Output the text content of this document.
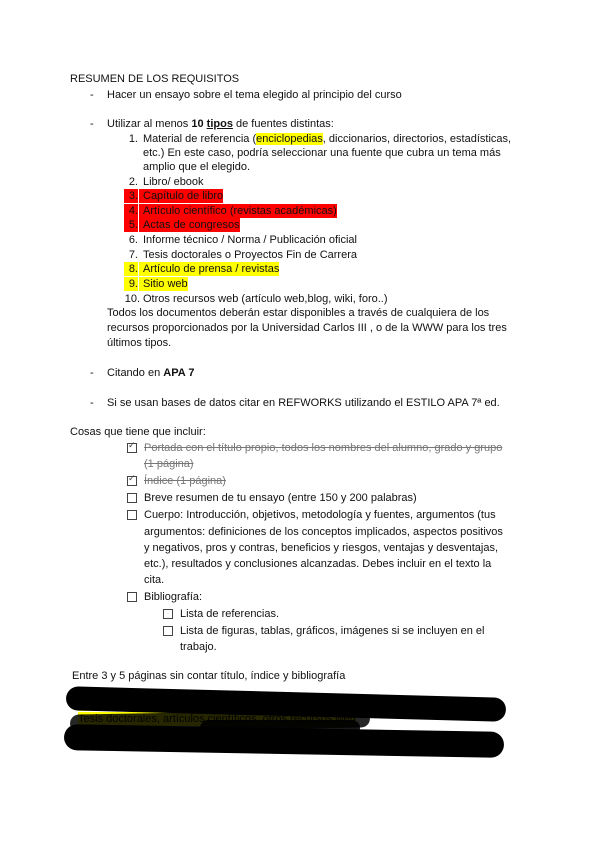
RESUMEN DE LOS REQUISITOS
- Hacer un ensayo sobre el tema elegido al principio del curso
- Utilizar al menos 10 tipos de fuentes distintas:
1. Material de referencia (enciclopedias, diccionarios, directorios, estadísticas,
etc.) En este caso, podría seleccionar una fuente que cubra un tema más
amplio que el elegido.
2. Libro/ ebook
3. Capítulo de libro
4. Artículo científico (revistas académicas)
5. Actas de congresos
6. Informe técnico / Norma / Publicación oficial
7. Tesis doctorales o Proyectos Fin de Carrera
8. Artículo de prensa / revistas
9. Sitio web
10. Otros recursos web (artículo web,blog, wiki, foro..)
Todos los documentos deberán estar disponibles a través de cualquiera de los
recursos proporcionados por la Universidad Carlos III , o de la WWW para los tres
últimos tipos.
- Citando en APA 7
- Si se usan bases de datos citar en REFWORKS utilizando el ESTILO APA 7ª ed.
Cosas que tiene que incluir:
✓
Portada con el título propio, todos los nombres del alumno, grado y grupo
(1 página)
✓
Índice (1 página)
Breve resumen de tu ensayo (entre 150 y 200 palabras)
Cuerpo: Introducción, objetivos, metodología y fuentes, argumentos (tus
argumentos: definiciones de los conceptos implicados, aspectos positivos
y negativos, pros y contras, beneficios y riesgos, ventajas y desventajas,
etc.), resultados y conclusiones alcanzadas. Debes incluir en el texto la
cita.
Bibliografía:
Lista de referencias.
Lista de figuras, tablas, gráficos, imágenes si se incluyen en el
trabajo.
Entre 3 y 5 páginas sin contar título, índice y bibliografía
